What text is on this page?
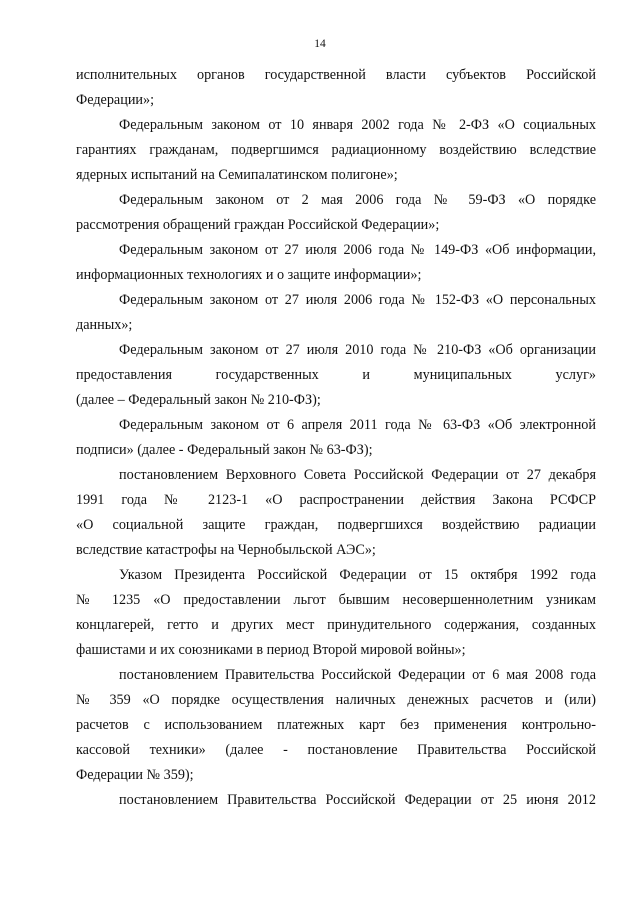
14

исполнительных органов государственной власти субъектов Российской
Федерации»;

Федеральным законом от 10 января 2002 года № 2-ФЗ «О социальных
гарантиях гражданам, подвергшимся радиационному воздействию вследствие
ядерных испытаний на Семипалатинском полигоне»;

Федеральным законом от 2 мая 2006 года № 59-ФЗ «О порядке
рассмотрения обращений граждан Российской Федерации»;

Федеральным законом от 27 июля 2006 года № 149-ФЗ «Об информации,
информационных технологиях и о защите информации»;

Федеральным законом от 27 июля 2006 года № 152-ФЗ «О персональных
данных»;

Федеральным законом от 27 июля 2010 года № 210-ФЗ «Об организации
предоставления государственных и муниципальных услуг»
(далее – Федеральный закон № 210-ФЗ);

Федеральным законом от 6 апреля 2011 года № 63-ФЗ «Об электронной
подписи» (далее - Федеральный закон № 63-ФЗ);

постановлением Верховного Совета Российской Федерации от 27 декабря
1991 года № 2123-1 «О распространении действия Закона РСФСР
«О социальной защите граждан, подвергшихся воздействию радиации
вследствие катастрофы на Чернобыльской АЭС»;

Указом Президента Российской Федерации от 15 октября 1992 года
№ 1235 «О предоставлении льгот бывшим несовершеннолетним узникам
концлагерей, гетто и других мест принудительного содержания, созданных
фашистами и их союзниками в период Второй мировой войны»;

постановлением Правительства Российской Федерации от 6 мая 2008 года
№ 359 «О порядке осуществления наличных денежных расчетов и (или)
расчетов с использованием платежных карт без применения контрольно-
кассовой техники» (далее - постановление Правительства Российской
Федерации № 359);

постановлением Правительства Российской Федерации от 25 июня 2012
